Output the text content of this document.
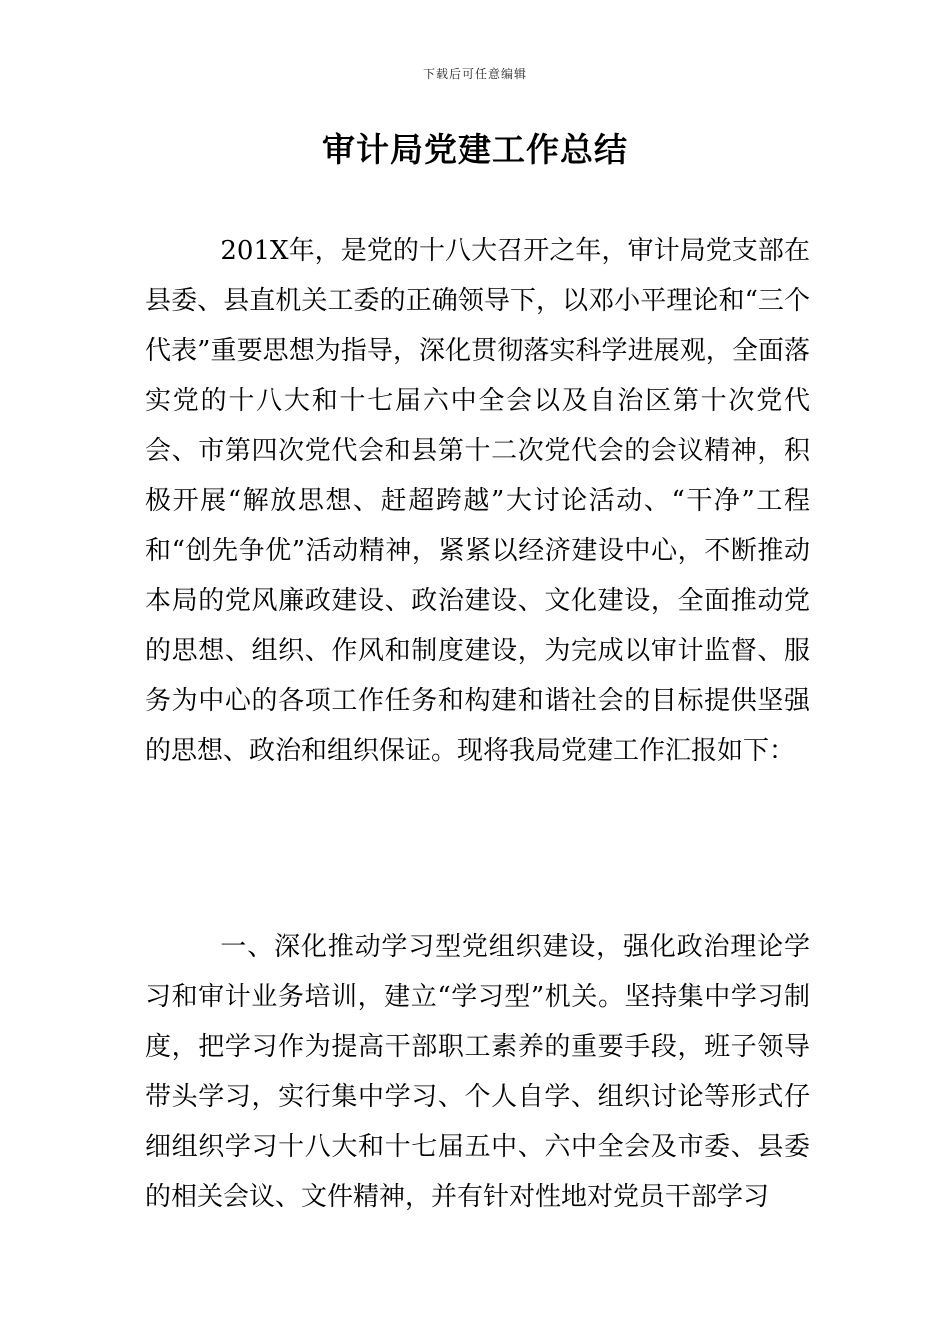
下载后可任意编辑
审计局党建工作总结

201X年，是党的十八大召开之年，审计局党支部在县委、县直机关工委的正确领导下，以邓小平理论和“三个代表”重要思想为指导，深化贯彻落实科学进展观，全面落实党的十八大和十七届六中全会以及自治区第十次党代会、市第四次党代会和县第十二次党代会的会议精神，积极开展“解放思想、赶超跨越”大讨论活动、“干净”工程和“创先争优”活动精神，紧紧以经济建设中心，不断推动本局的党风廉政建设、政治建设、文化建设，全面推动党的思想、组织、作风和制度建设，为完成以审计监督、服务为中心的各项工作任务和构建和谐社会的目标提供坚强的思想、政治和组织保证。现将我局党建工作汇报如下：

一、深化推动学习型党组织建设，强化政治理论学习和审计业务培训，建立“学习型”机关。坚持集中学习制度，把学习作为提高干部职工素养的重要手段，班子领导带头学习，实行集中学习、个人自学、组织讨论等形式仔细组织学习十八大和十七届五中、六中全会及市委、县委的相关会议、文件精神，并有针对性地对党员干部学习
